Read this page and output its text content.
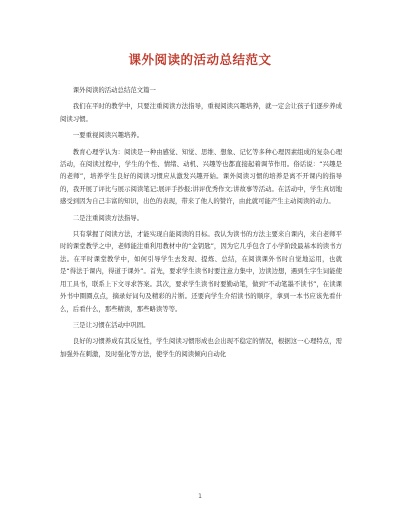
课外阅读的活动总结范文

课外阅读的活动总结范文篇一

我们在平时的教学中，只要注重阅读方法指导，重视阅读兴趣培养，就一定会让孩子们逐步养成阅读习惯。

一要重视阅读兴趣培养。

教育心理学认为：阅读是一种由感觉、知觉、思维、想象、记忆等多种心理因素组成的复杂心理活动，在阅读过程中，学生的个性、情绪、动机、兴趣等也都直接起着调节作用。俗话说：“兴趣是的老师”，培养学生良好的阅读习惯应从激发兴趣开始。课外阅读习惯的培养是离不开课内的指导的，我开展了评比与展示阅读笔记;展评手抄报;讲评优秀作文;讲故事等活动。在活动中，学生真切地感受到因为自己丰富的知识，出色的表现，带来了他人的赞许，由此就可能产生主动阅读的动力。

二是注重阅读方法指导。

只有掌握了阅读方法，才能实现自能阅读的目标。我认为读书的方法主要来自课内，来自老师平时的课堂教学之中，老师能注重利用教材中的“金钥匙”，因为它几乎包含了小学阶段最基本的读书方法。在平时课堂教学中，如何引导学生去发现、提炼、总结，在阅读课外书时自觉地运用，也就是“得法于课内，得道于课外”。首先，要求学生读书时要注意力集中，边读边想，遇到生字生词能使用工具书，联系上下文寻求答案。其次，要求学生读书时要勤动笔，做到“不动笔墨不读书”，在读课外书中圈圈点点，摘录好词句及精彩的片断。还要向学生介绍读书的顺序，拿到一本书应该先看什么，后看什么，那些精读，那些略读等等。

三是让习惯在活动中巩固。

良好的习惯养成有其反复性，学生阅读习惯形成也会出现不稳定的情况，根据这一心理特点，需加强外在刺激，及时强化等方法，使学生的阅读倾向自动化

1
